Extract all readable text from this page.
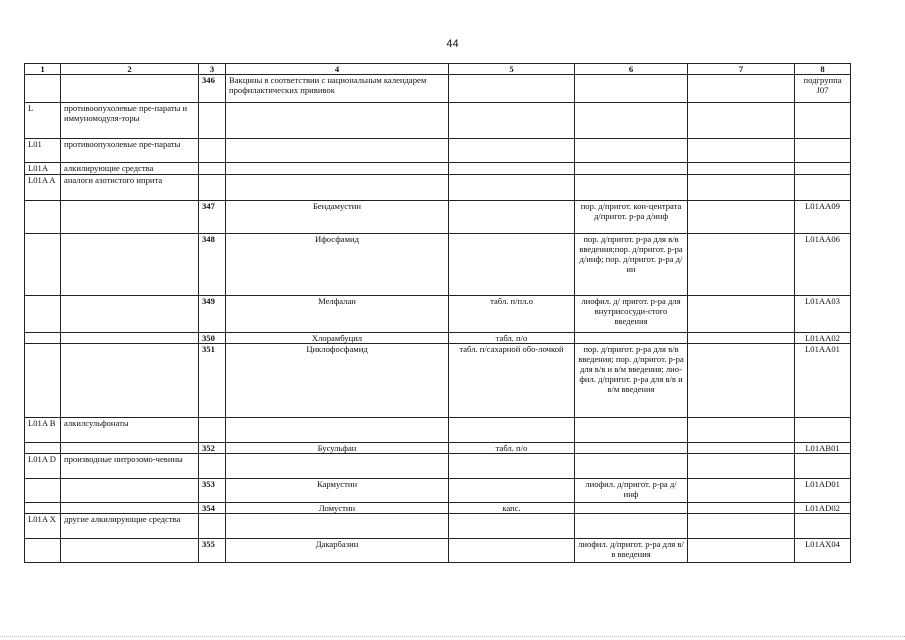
44
1	2	3	4	5	6	7	8
		346	Вакцины в соответствии с национальным календарем профилактических прививок				подгруппа J07
L	противоопухолевые пре-параты и иммуномодуля-торы						
L01	противоопухолевые пре-параты						
L01A	алкилирующие средства						
L01A A	аналоги азотистого иприта						
		347	Бендамустин		пор. д/пригот. кон-центрата д/пригот. р-ра д/инф		L01AA09
		348	Ифосфамид		пор. д/пригот. р-ра для в/в введения;пор. д/пригот. р-ра д/инф; пор. д/пригот. р-ра д/ин		L01AA06
		349	Мелфалан	табл. п/пл.о	лиофил. д/ пригот. р-ра для внутрисосуди-стого введения		L01AA03
		350	Хлорамбуцил	табл. п/о			L01AA02
		351	Циклофосфамид	табл. п/сахарной обо-лочкой	пор. д/пригот. р-ра для в/в введения; пор. д/пригот. р-ра для в/в и в/м введения; лио-фил. д/пригот. р-ра для в/в и в/м введения		L01AA01
L01A B	алкилсульфонаты						
		352	Бусульфан	табл. п/о			L01AB01
L01A D	производные нитрозомо-чевины						
		353	Кармустин		лиофил. д/пригот. р-ра д/инф		L01AD01
		354	Ломустин	капс.			L01AD02
L01A X	другие алкилирующие средства						
		355	Дакарбазин		лиофил. д/пригот. р-ра для в/в введения		L01AX04
